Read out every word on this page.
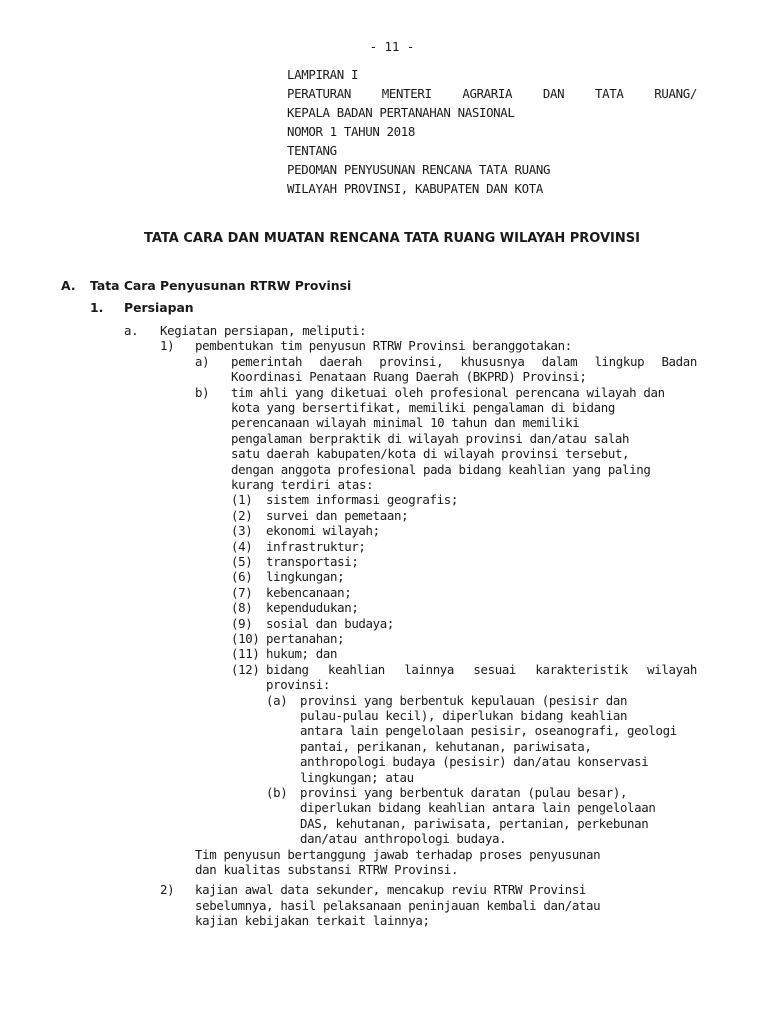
- 11 -
LAMPIRAN I
PERATURAN MENTERI AGRARIA DAN TATA RUANG/
KEPALA BADAN PERTANAHAN NASIONAL
NOMOR 1 TAHUN 2018
TENTANG
PEDOMAN PENYUSUNAN RENCANA TATA RUANG
WILAYAH PROVINSI, KABUPATEN DAN KOTA
TATA CARA DAN MUATAN RENCANA TATA RUANG WILAYAH PROVINSI
A. Tata Cara Penyusunan RTRW Provinsi
1. Persiapan
a. Kegiatan persiapan, meliputi:
1) pembentukan tim penyusun RTRW Provinsi beranggotakan:
a) pemerintah daerah provinsi, khususnya dalam lingkup Badan
Koordinasi Penataan Ruang Daerah (BKPRD) Provinsi;
b) tim ahli yang diketuai oleh profesional perencana wilayah dan
kota yang bersertifikat, memiliki pengalaman di bidang
perencanaan wilayah minimal 10 tahun dan memiliki
pengalaman berpraktik di wilayah provinsi dan/atau salah
satu daerah kabupaten/kota di wilayah provinsi tersebut,
dengan anggota profesional pada bidang keahlian yang paling
kurang terdiri atas:
(1) sistem informasi geografis;
(2) survei dan pemetaan;
(3) ekonomi wilayah;
(4) infrastruktur;
(5) transportasi;
(6) lingkungan;
(7) kebencanaan;
(8) kependudukan;
(9) sosial dan budaya;
(10) pertanahan;
(11) hukum; dan
(12) bidang keahlian lainnya sesuai karakteristik wilayah
provinsi:
(a) provinsi yang berbentuk kepulauan (pesisir dan
pulau-pulau kecil), diperlukan bidang keahlian
antara lain pengelolaan pesisir, oseanografi, geologi
pantai, perikanan, kehutanan, pariwisata,
anthropologi budaya (pesisir) dan/atau konservasi
lingkungan; atau
(b) provinsi yang berbentuk daratan (pulau besar),
diperlukan bidang keahlian antara lain pengelolaan
DAS, kehutanan, pariwisata, pertanian, perkebunan
dan/atau anthropologi budaya.
Tim penyusun bertanggung jawab terhadap proses penyusunan
dan kualitas substansi RTRW Provinsi.
2) kajian awal data sekunder, mencakup reviu RTRW Provinsi
sebelumnya, hasil pelaksanaan peninjauan kembali dan/atau
kajian kebijakan terkait lainnya;
